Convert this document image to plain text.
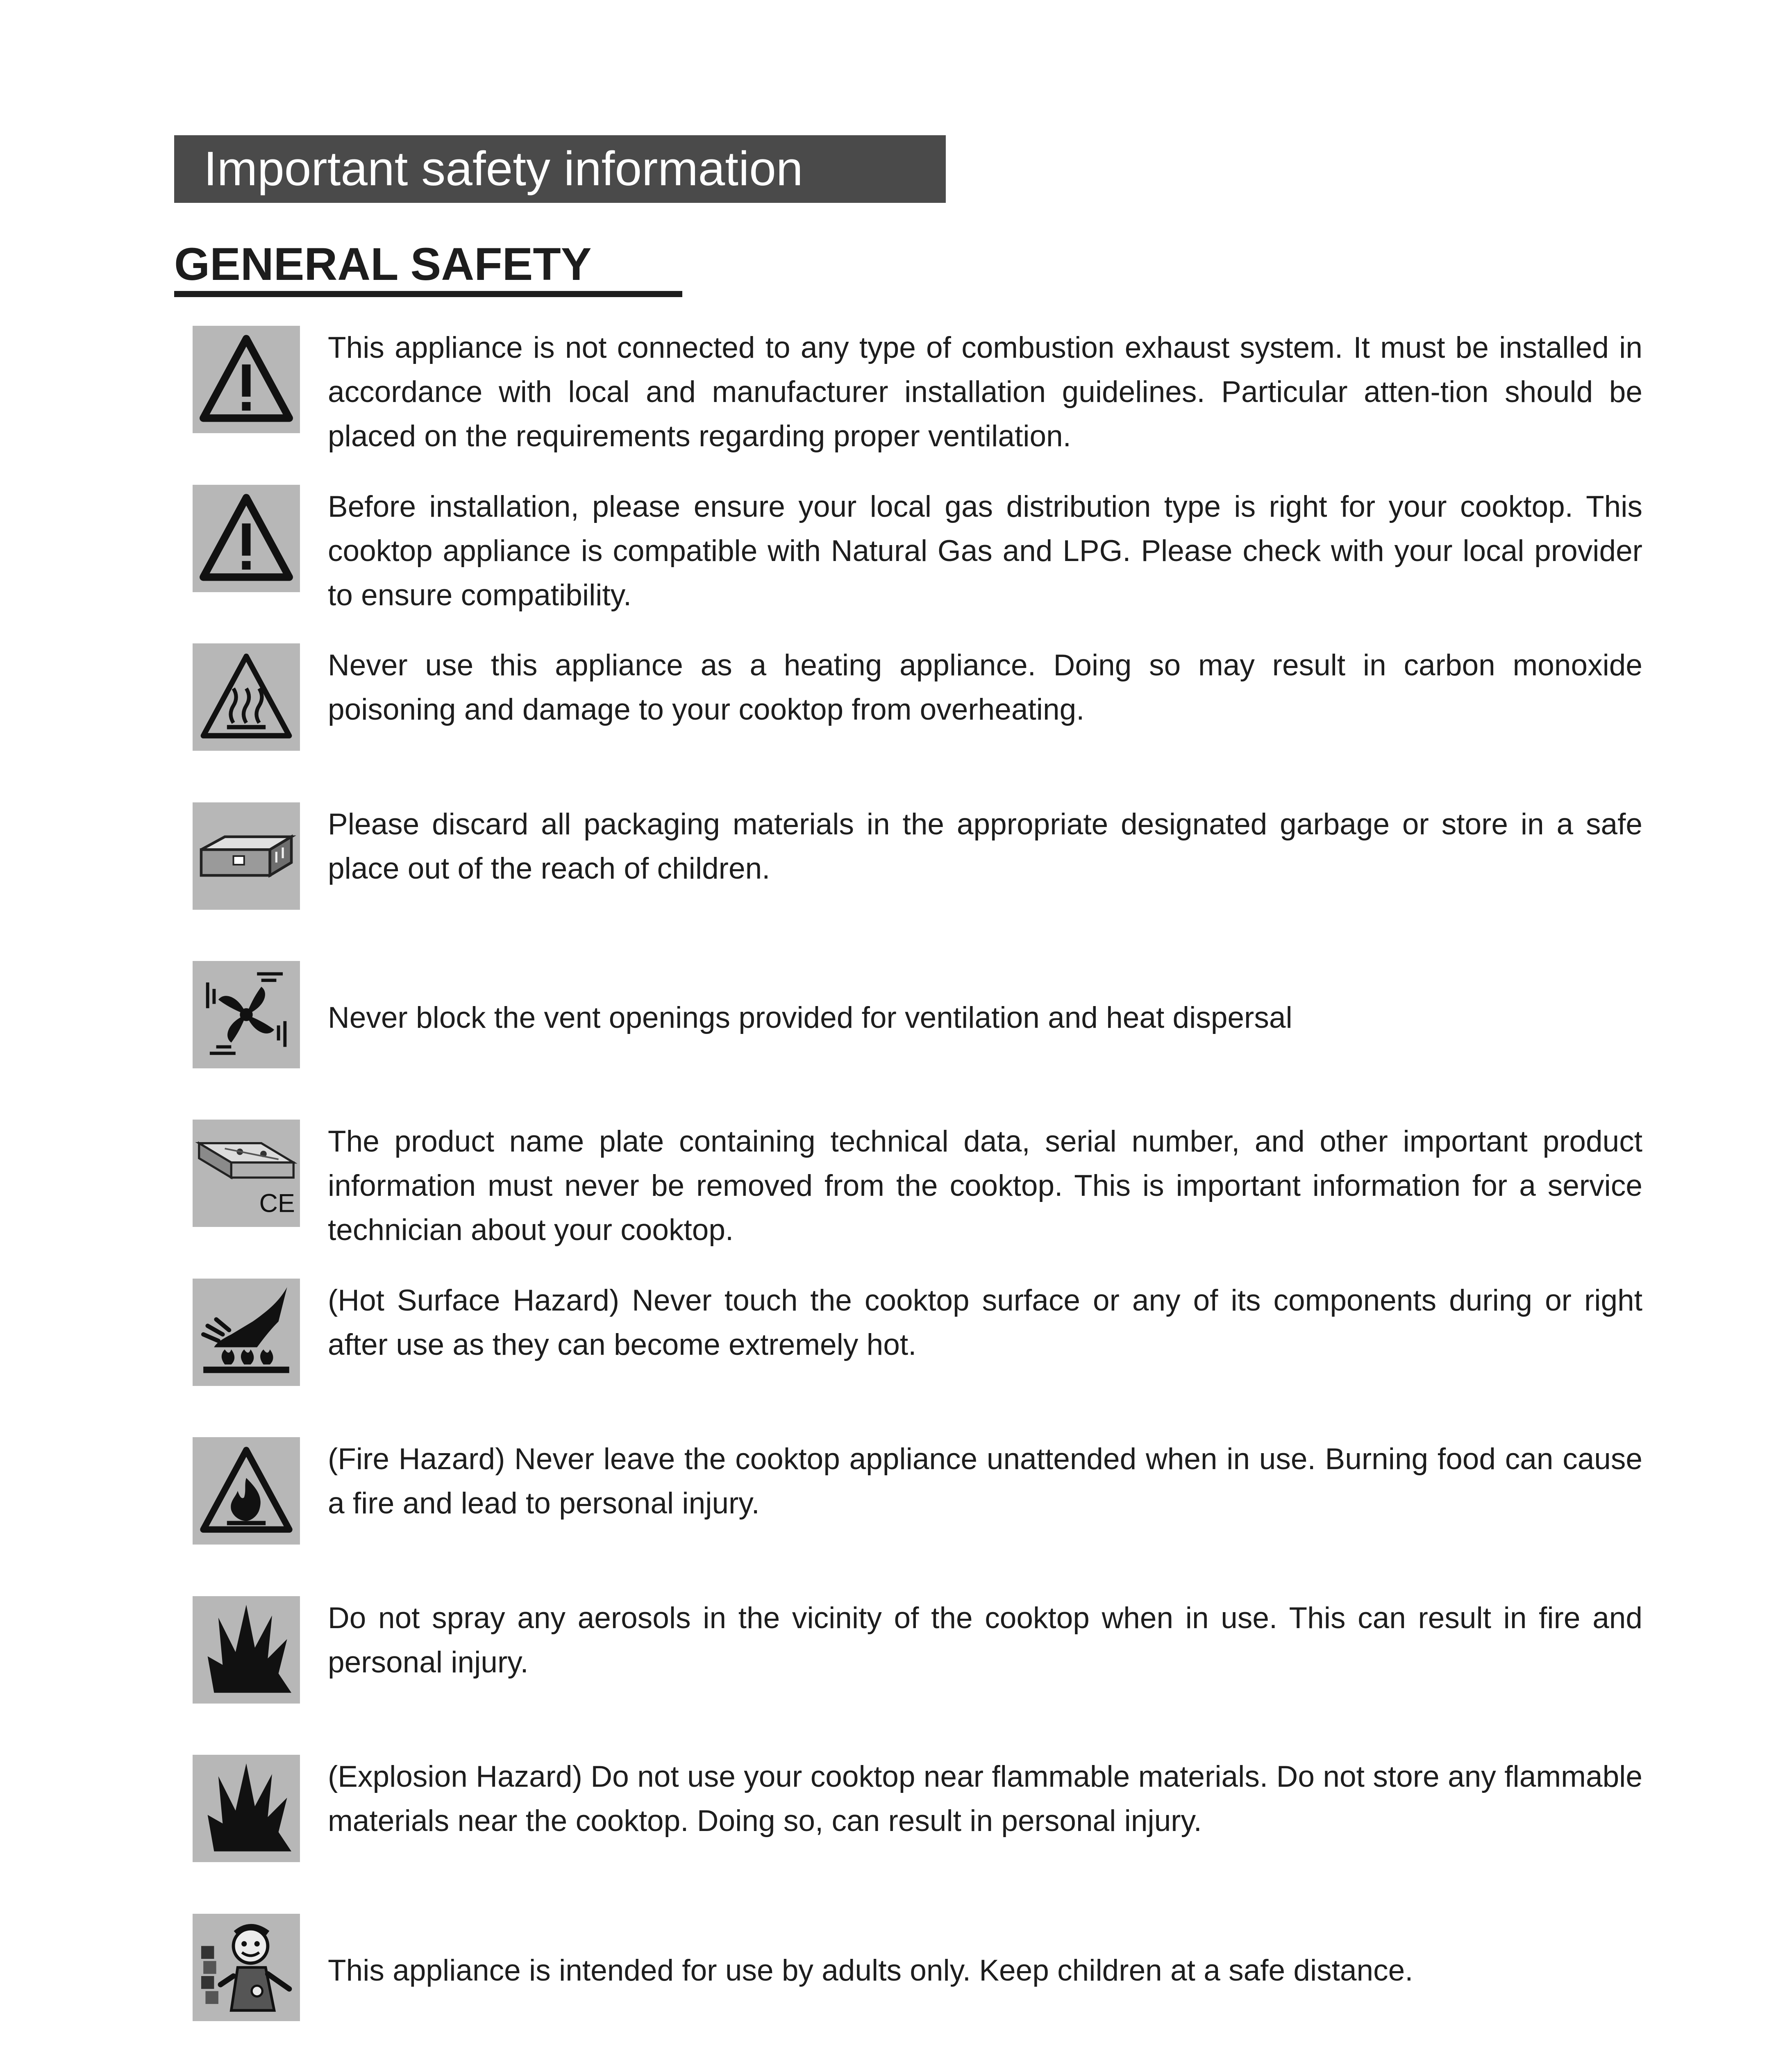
Important safety information
GENERAL SAFETY

This appliance is not connected to any type of combustion exhaust system. It must be installed in accordance with local and manufacturer installation guidelines. Particular atten-tion should be placed on the requirements regarding proper ventilation.

Before installation, please ensure your local gas distribution type is right for your cooktop. This cooktop appliance is compatible with Natural Gas and LPG. Please check with your local provider to ensure compatibility.

Never use this appliance as a heating appliance. Doing so may result in carbon monoxide poisoning and damage to your cooktop from overheating.

Please discard all packaging materials in the appropriate designated garbage or store in a safe place out of the reach of children.

Never block the vent openings provided for ventilation and heat dispersal

CE

The product name plate containing technical data, serial number, and other important product information must never be removed from the cooktop. This is important information for a service technician about your cooktop.

(Hot Surface Hazard) Never touch the cooktop surface or any of its components during or right after use as they can become extremely hot.

(Fire Hazard) Never leave the cooktop appliance unattended when in use. Burning food can cause a fire and lead to personal injury.

Do not spray any aerosols in the vicinity of the cooktop when in use. This can result in fire and personal injury.

(Explosion Hazard) Do not use your cooktop near flammable materials. Do not store any flammable materials near the cooktop. Doing so, can result in personal injury.

This appliance is intended for use by adults only. Keep children at a safe distance.
